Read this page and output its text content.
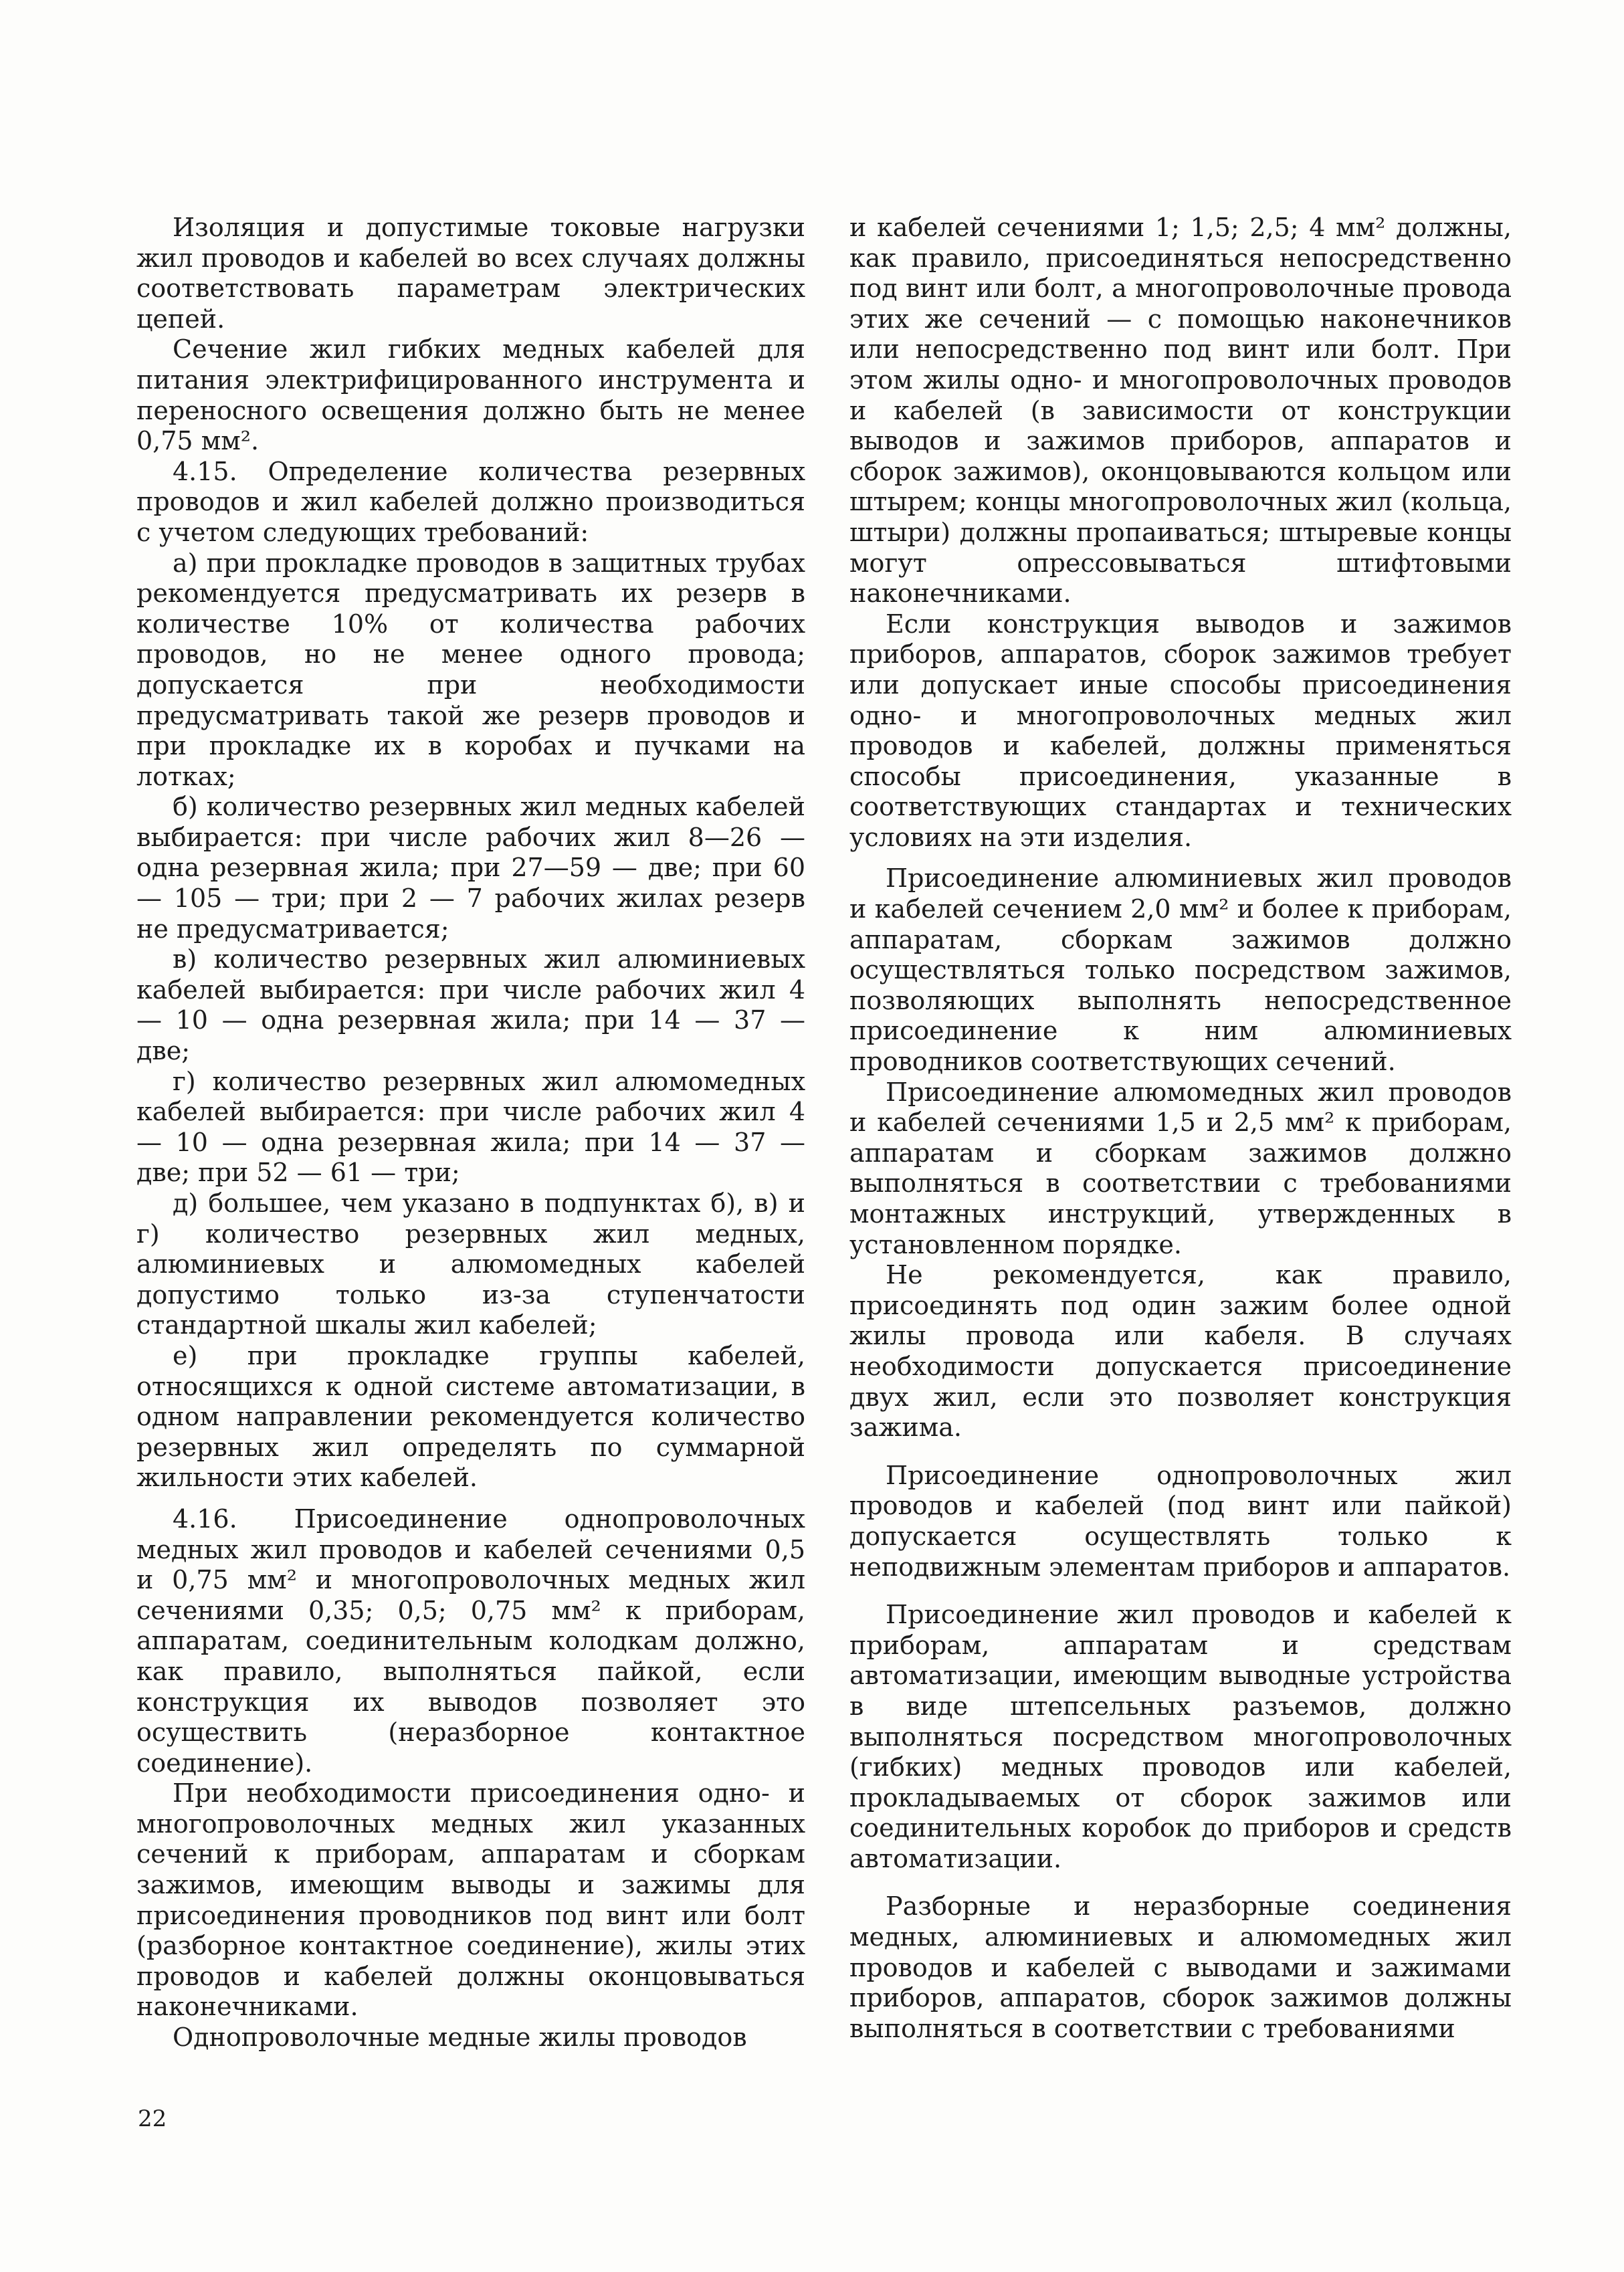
Изоляция и допустимые токовые нагрузки жил проводов и кабелей во всех случаях должны соответствовать параметрам электрических цепей.

Сечение жил гибких медных кабелей для питания электрифицированного инструмента и переносного освещения должно быть не менее 0,75 мм².

4.15. Определение количества резервных проводов и жил кабелей должно производиться с учетом следующих требований:

а) при прокладке проводов в защитных трубах рекомендуется предусматривать их резерв в количестве 10% от количества рабочих проводов, но не менее одного провода; допускается при необходимости предусматривать такой же резерв проводов и при прокладке их в коробах и пучками на лотках;

б) количество резервных жил медных кабелей выбирается: при числе рабочих жил 8—26 — одна резервная жила; при 27—59 — две; при 60 — 105 — три; при 2 — 7 рабочих жилах резерв не предусматривается;

в) количество резервных жил алюминиевых кабелей выбирается: при числе рабочих жил 4 — 10 — одна резервная жила; при 14 — 37 — две;

г) количество резервных жил алюмомедных кабелей выбирается: при числе рабочих жил 4 — 10 — одна резервная жила; при 14 — 37 — две; при 52 — 61 — три;

д) большее, чем указано в подпунктах б), в) и г) количество резервных жил медных, алюминиевых и алюмомедных кабелей допустимо только из-за ступенчатости стандартной шкалы жил кабелей;

е) при прокладке группы кабелей, относящихся к одной системе автоматизации, в одном направлении рекомендуется количество резервных жил определять по суммарной жильности этих кабелей.

4.16. Присоединение однопроволочных медных жил проводов и кабелей сечениями 0,5 и 0,75 мм² и многопроволочных медных жил сечениями 0,35; 0,5; 0,75 мм² к приборам, аппаратам, соединительным колодкам должно, как правило, выполняться пайкой, если конструкция их выводов позволяет это осуществить (неразборное контактное соединение).

При необходимости присоединения одно- и многопроволочных медных жил указанных сечений к приборам, аппаратам и сборкам зажимов, имеющим выводы и зажимы для присоединения проводников под винт или болт (разборное контактное соединение), жилы этих проводов и кабелей должны оконцовываться наконечниками.

Однопроволочные медные жилы проводов

и кабелей сечениями 1; 1,5; 2,5; 4 мм² должны, как правило, присоединяться непосредственно под винт или болт, а многопроволочные провода этих же сечений — с помощью наконечников или непосредственно под винт или болт. При этом жилы одно- и многопроволочных проводов и кабелей (в зависимости от конструкции выводов и зажимов приборов, аппаратов и сборок зажимов), оконцовываются кольцом или штырем; концы многопроволочных жил (кольца, штыри) должны пропаиваться; штыревые концы могут опрессовываться штифтовыми наконечниками.

Если конструкция выводов и зажимов приборов, аппаратов, сборок зажимов требует или допускает иные способы присоединения одно- и многопроволочных медных жил проводов и кабелей, должны применяться способы присоединения, указанные в соответствующих стандартах и технических условиях на эти изделия.

Присоединение алюминиевых жил проводов и кабелей сечением 2,0 мм² и более к приборам, аппаратам, сборкам зажимов должно осуществляться только посредством зажимов, позволяющих выполнять непосредственное присоединение к ним алюминиевых проводников соответствующих сечений.

Присоединение алюмомедных жил проводов и кабелей сечениями 1,5 и 2,5 мм² к приборам, аппаратам и сборкам зажимов должно выполняться в соответствии с требованиями монтажных инструкций, утвержденных в установленном порядке.

Не рекомендуется, как правило, присоединять под один зажим более одной жилы провода или кабеля. В случаях необходимости допускается присоединение двух жил, если это позволяет конструкция зажима.

Присоединение однопроволочных жил проводов и кабелей (под винт или пайкой) допускается осуществлять только к неподвижным элементам приборов и аппаратов.

Присоединение жил проводов и кабелей к приборам, аппаратам и средствам автоматизации, имеющим выводные устройства в виде штепсельных разъемов, должно выполняться посредством многопроволочных (гибких) медных проводов или кабелей, прокладываемых от сборок зажимов или соединительных коробок до приборов и средств автоматизации.

Разборные и неразборные соединения медных, алюминиевых и алюмомедных жил проводов и кабелей с выводами и зажимами приборов, аппаратов, сборок зажимов должны выполняться в соответствии с требованиями

22
